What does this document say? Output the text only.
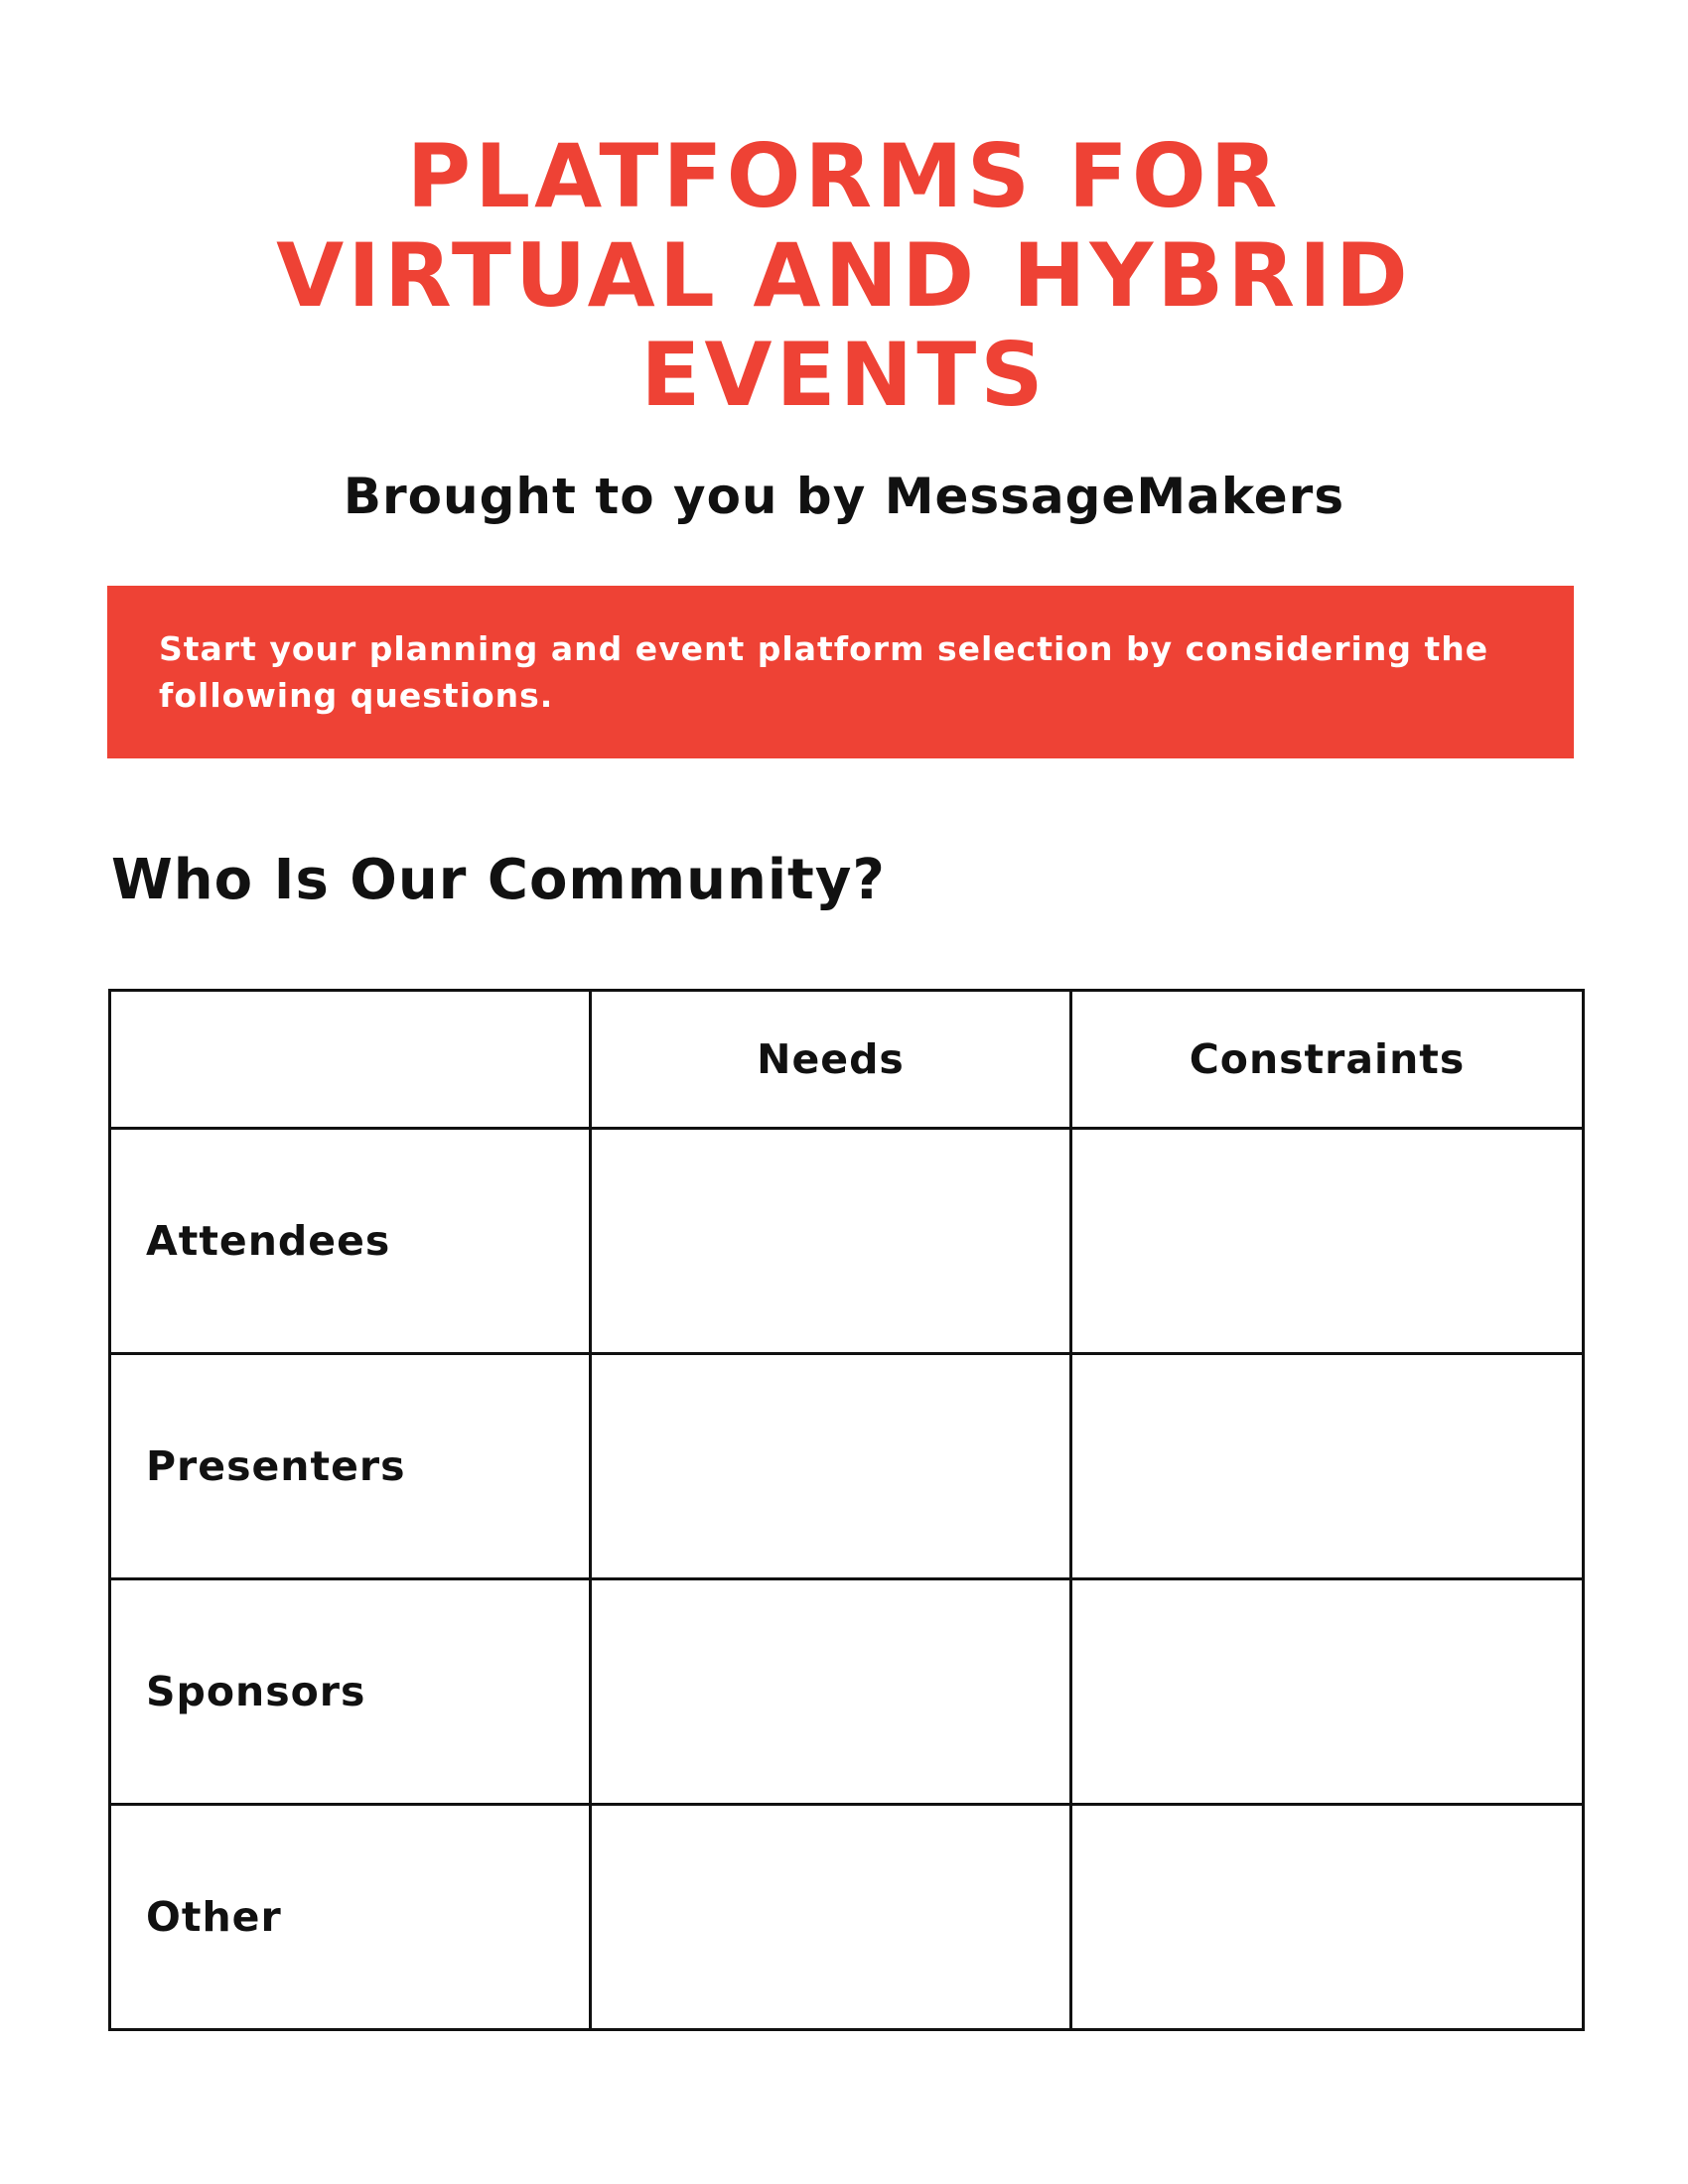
PLATFORMS FOR
VIRTUAL AND HYBRID
EVENTS
Brought to you by MessageMakers

Start your planning and event platform selection by considering the following questions.

Who Is Our Community?
	Needs	Constraints
Attendees		
Presenters		
Sponsors		
Other		
